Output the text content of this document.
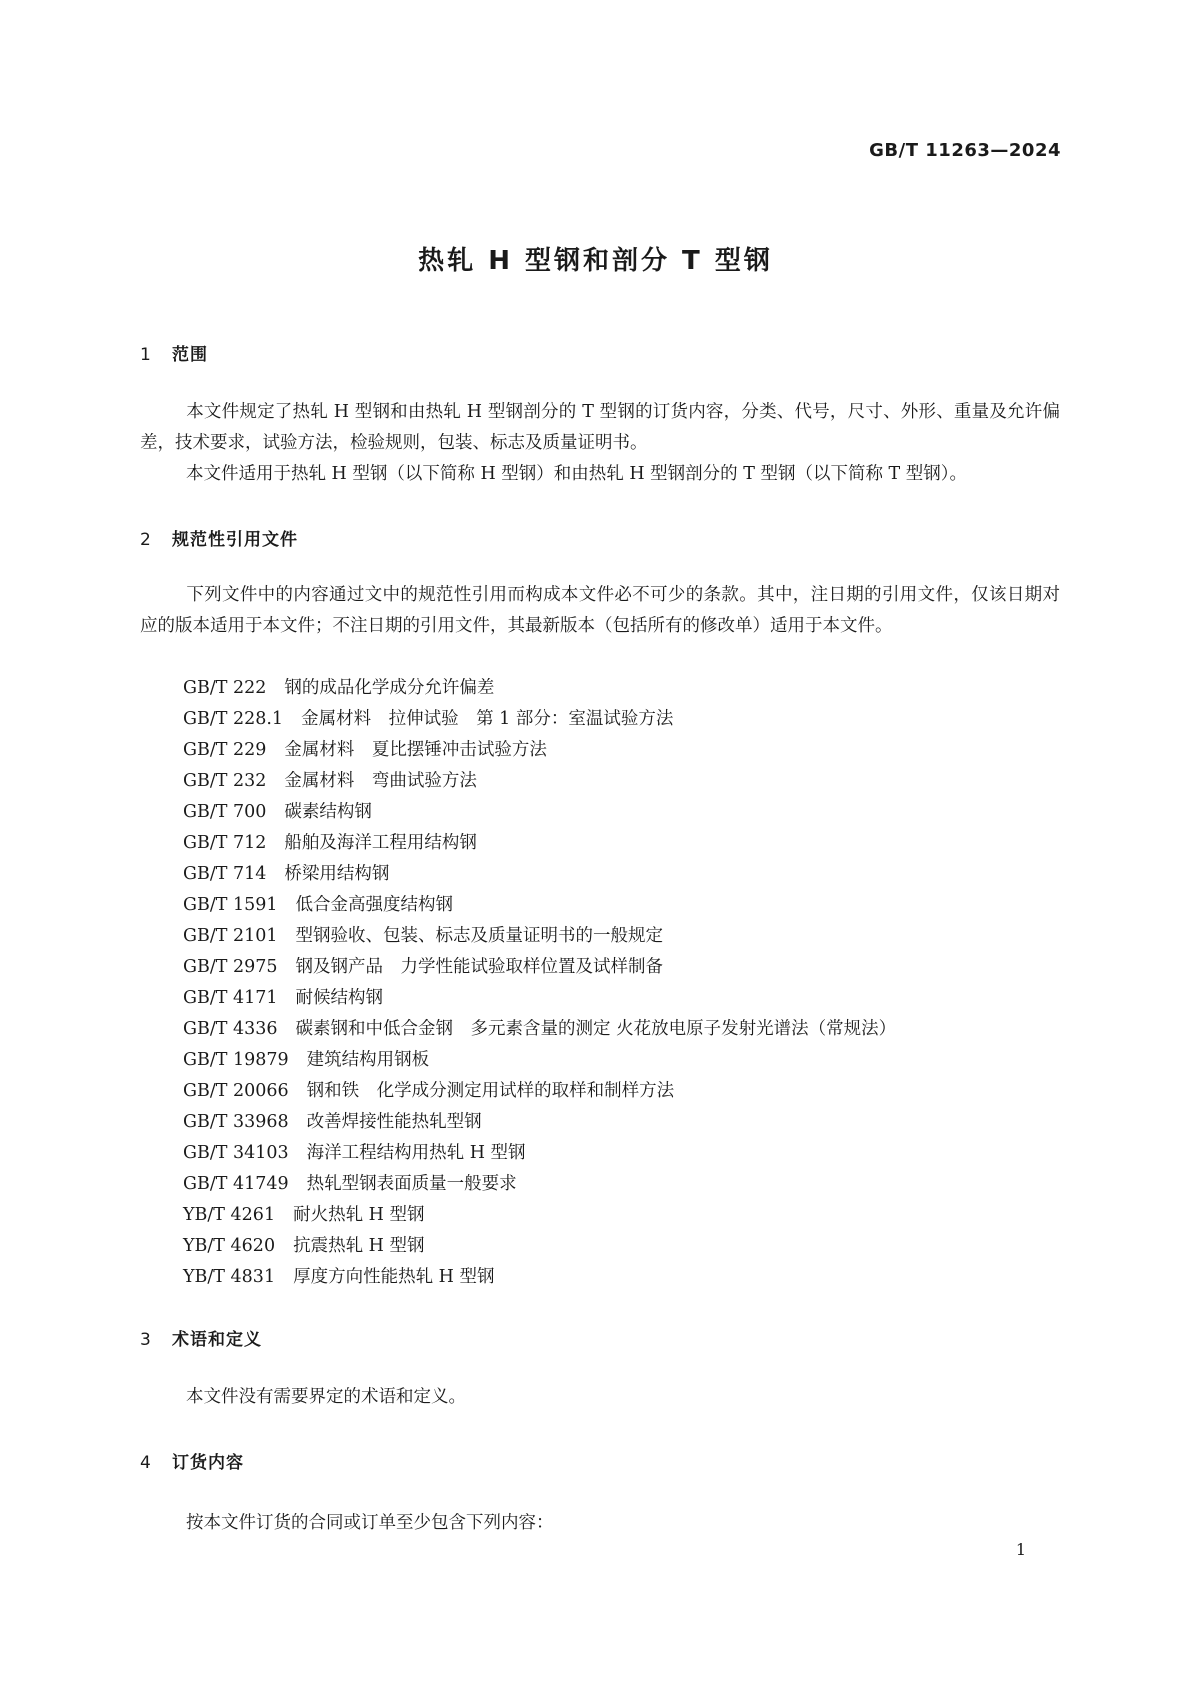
GB/T 11263—2024
热轧 H 型钢和剖分 T 型钢
1 范围
本文件规定了热轧 H 型钢和由热轧 H 型钢剖分的 T 型钢的订货内容，分类、代号，尺寸、外形、重量及允许偏差，技术要求，试验方法，检验规则，包装、标志及质量证明书。
本文件适用于热轧 H 型钢（以下简称 H 型钢）和由热轧 H 型钢剖分的 T 型钢（以下简称 T 型钢）。
2 规范性引用文件
下列文件中的内容通过文中的规范性引用而构成本文件必不可少的条款。其中，注日期的引用文件，仅该日期对应的版本适用于本文件；不注日期的引用文件，其最新版本（包括所有的修改单）适用于本文件。
GB/T 222 钢的成品化学成分允许偏差
GB/T 228.1 金属材料　拉伸试验　第 1 部分：室温试验方法
GB/T 229 金属材料　夏比摆锤冲击试验方法
GB/T 232 金属材料　弯曲试验方法
GB/T 700 碳素结构钢
GB/T 712 船舶及海洋工程用结构钢
GB/T 714 桥梁用结构钢
GB/T 1591 低合金高强度结构钢
GB/T 2101 型钢验收、包装、标志及质量证明书的一般规定
GB/T 2975 钢及钢产品　力学性能试验取样位置及试样制备
GB/T 4171 耐候结构钢
GB/T 4336 碳素钢和中低合金钢　多元素含量的测定 火花放电原子发射光谱法（常规法）
GB/T 19879 建筑结构用钢板
GB/T 20066 钢和铁　化学成分测定用试样的取样和制样方法
GB/T 33968 改善焊接性能热轧型钢
GB/T 34103 海洋工程结构用热轧 H 型钢
GB/T 41749 热轧型钢表面质量一般要求
YB/T 4261 耐火热轧 H 型钢
YB/T 4620 抗震热轧 H 型钢
YB/T 4831 厚度方向性能热轧 H 型钢
3 术语和定义
本文件没有需要界定的术语和定义。
4 订货内容
按本文件订货的合同或订单至少包含下列内容：
1
